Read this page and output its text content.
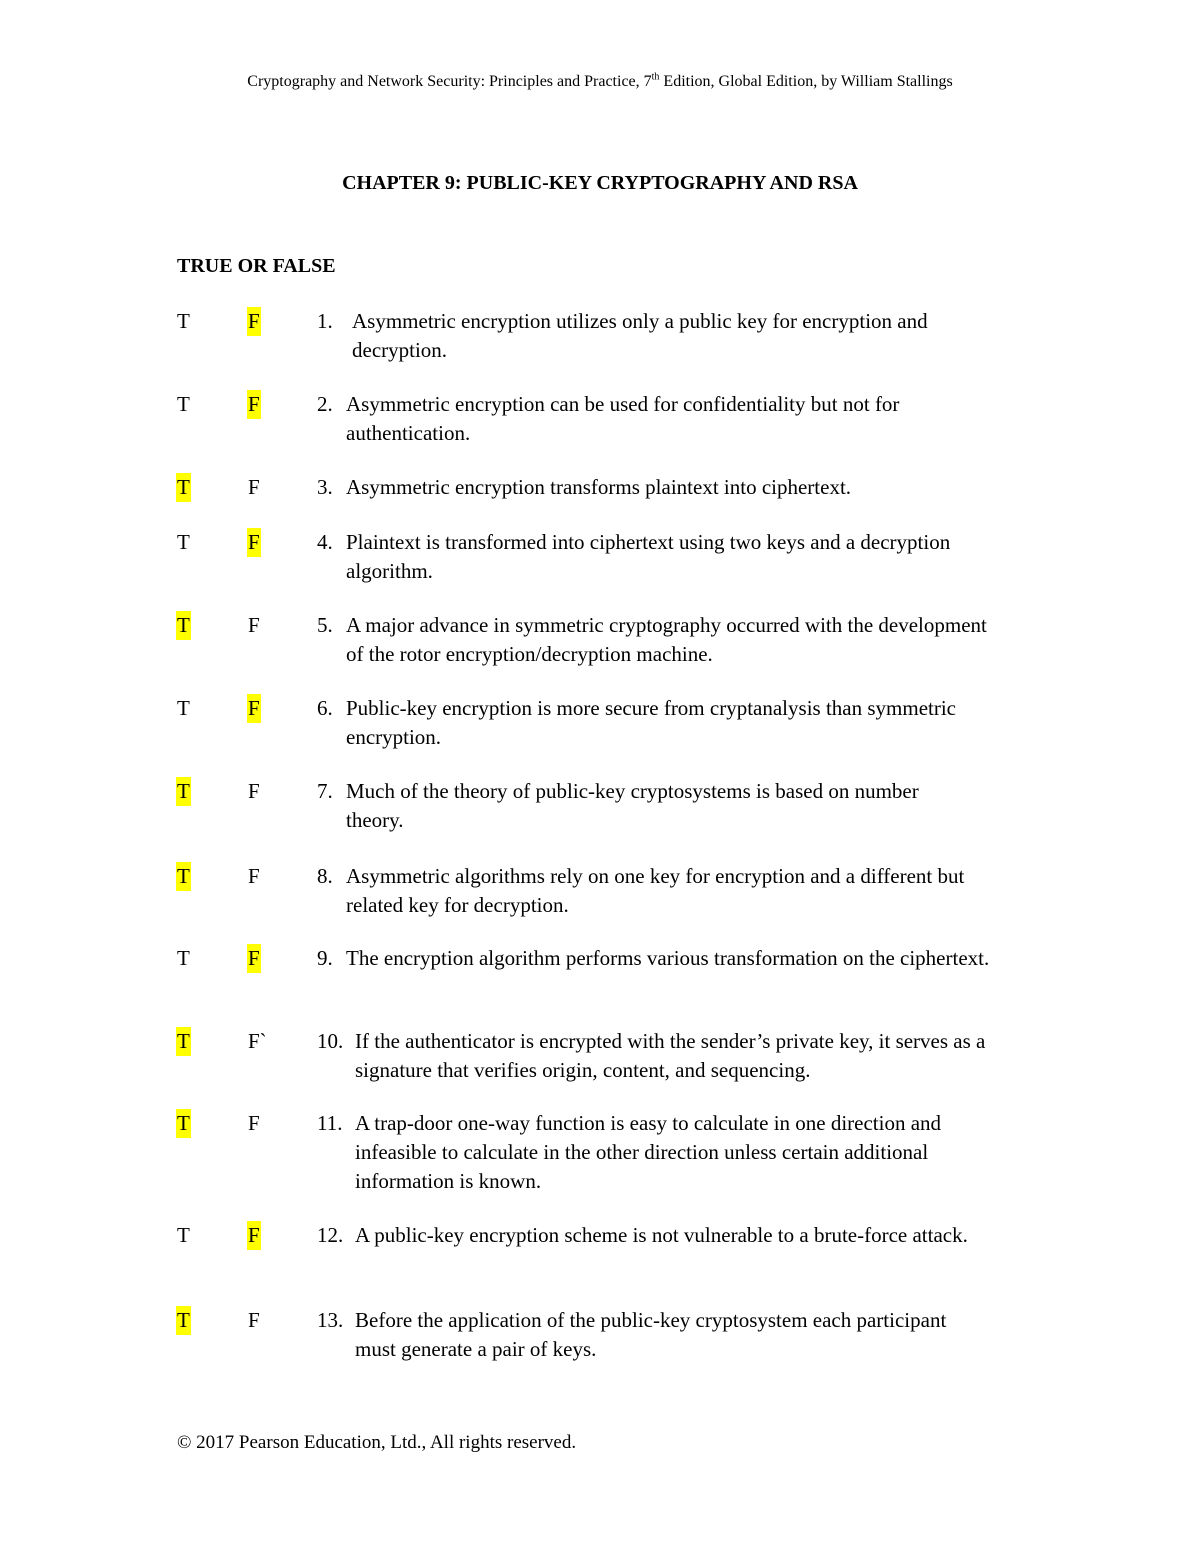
Cryptography and Network Security: Principles and Practice, 7th Edition, Global Edition, by William Stallings
CHAPTER 9: PUBLIC-KEY CRYPTOGRAPHY AND RSA
TRUE OR FALSE
T	F	1. Asymmetric encryption utilizes only a public key for encryption and decryption.
T	F	2. Asymmetric encryption can be used for confidentiality but not for authentication.
T	F	3. Asymmetric encryption transforms plaintext into ciphertext.
T	F	4. Plaintext is transformed into ciphertext using two keys and a decryption algorithm.
T	F	5. A major advance in symmetric cryptography occurred with the development of the rotor encryption/decryption machine.
T	F	6. Public-key encryption is more secure from cryptanalysis than symmetric encryption.
T	F	7. Much of the theory of public-key cryptosystems is based on number theory.
T	F	8. Asymmetric algorithms rely on one key for encryption and a different but related key for decryption.
T	F	9. The encryption algorithm performs various transformation on the ciphertext.
T	F` 10. If the authenticator is encrypted with the sender’s private key, it serves as a signature that verifies origin, content, and sequencing.
T	F	11. A trap-door one-way function is easy to calculate in one direction and infeasible to calculate in the other direction unless certain additional information is known.
T	F	12. A public-key encryption scheme is not vulnerable to a brute-force attack.
T	F	13. Before the application of the public-key cryptosystem each participant must generate a pair of keys.
© 2017 Pearson Education, Ltd., All rights reserved.
